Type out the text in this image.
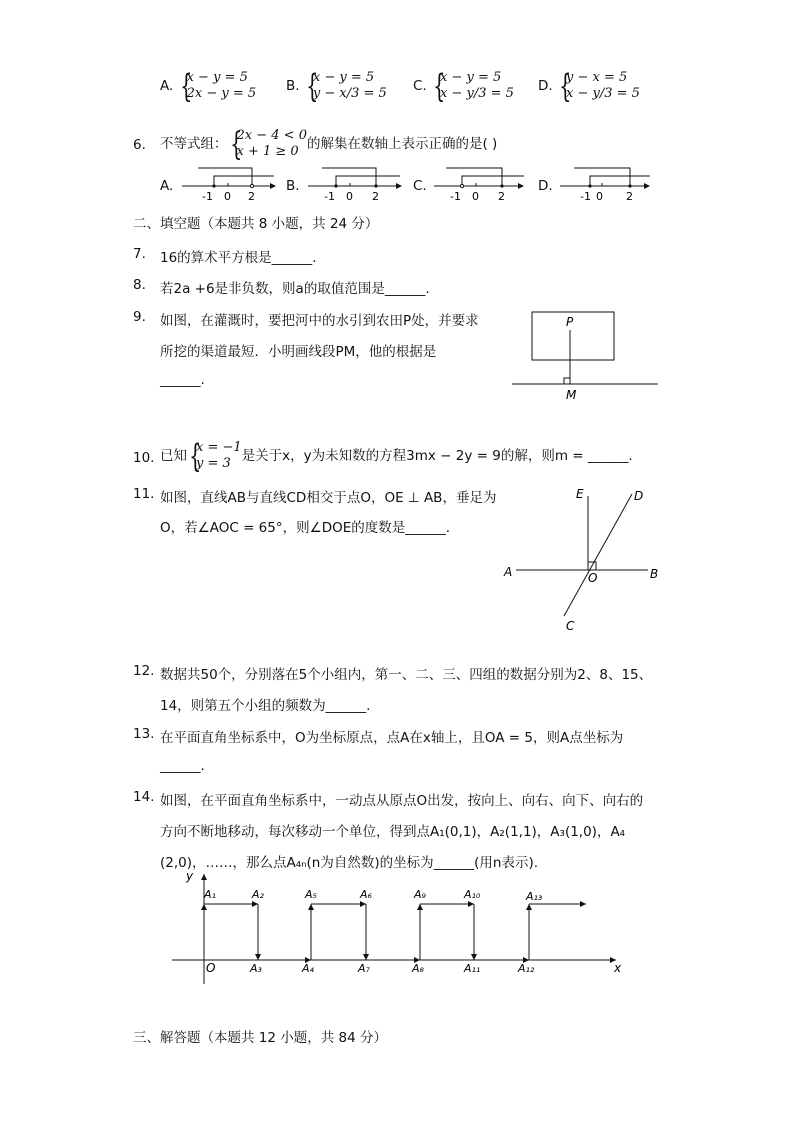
A.
{ x − y = 5
2x − y = 5 B.
{ x − y = 5
y − x/3 = 5 C.
{ x − y = 5
x − y/3 = 5 D.
{ y − x = 5
x − y/3 = 5
6. 不等式组：
{ 2x − 4 < 0
x + 1 ≥ 0 的解集在数轴上表示正确的是( )
A.
-1 0 2
B.
-1 0 2
C.
-1 0 2
D.
-1 0 2
二、填空题（本题共 8 小题，共 24 分）
7. 16的算术平方根是______.
8. 若2a +6是非负数，则a的取值范围是______.
9. 如图，在灌溉时，要把河中的水引到农田P处，并要求
所挖的渠道最短．小明画线段PM，他的根据是
______.
P
M
10. 已知
{ x = −1
y = 3 是关于x，y为未知数的方程3mx − 2y = 9的解，则m = ______.
11. 如图，直线AB与直线CD相交于点O，OE ⊥ AB，垂足为
O，若∠AOC = 65°，则∠DOE的度数是______.
A	B
C
D
E
O
12. 数据共50个，分别落在5个小组内，第一、二、三、四组的数据分别为2、8、15、
14，则第五个小组的频数为______.
13. 在平面直角坐标系中，O为坐标原点，点A在x轴上，且OA = 5，则A点坐标为
______.
14. 如图，在平面直角坐标系中，一动点从原点O出发，按向上、向右、向下、向右的
方向不断地移动，每次移动一个单位，得到点A₁(0,1)，A₂(1,1)，A₃(1,0)，A₄
(2,0)，……，那么点A₄ₙ(n为自然数)的坐标为______(用n表示).
y
x
O
A₁	A₂	A₅	A₆	A₉	A₁₀	A₁₃
A₃	A₄	A₇	A₈	A₁₁	A₁₂
三、解答题（本题共 12 小题，共 84 分）
